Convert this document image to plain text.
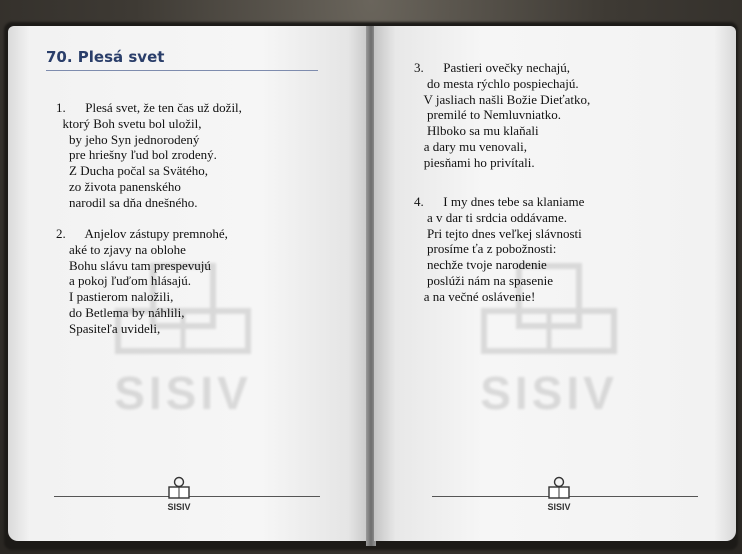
SISIV
70. Plesá svet
1.      Plesá svet, že ten čas už dožil,
ktorý Boh svetu bol uložil,
by jeho Syn jednorodený
pre hriešny ľud bol zrodený.
Z Ducha počal sa Svätého,
zo života panenského
narodil sa dňa dnešného.
2.      Anjelov zástupy premnohé,
aké to zjavy na oblohe
Bohu slávu tam prespevujú
a pokoj ľuďom hlásajú.
I pastierom naložili,
do Betlema by náhlili,
Spasiteľa uvideli,
SISIV
SISIV
3.      Pastieri ovečky nechajú,
do mesta rýchlo pospiechajú.
V jasliach našli Božie Dieťatko,
premilé to Nemluvniatko.
Hlboko sa mu klaňali
a dary mu venovali,
piesňami ho privítali.
4.      I my dnes tebe sa klaniame
a v dar ti srdcia oddávame.
Pri tejto dnes veľkej slávnosti
prosíme ťa z pobožnosti:
nechže tvoje narodenie
poslúži nám na spasenie
a na večné oslávenie!
SISIV
